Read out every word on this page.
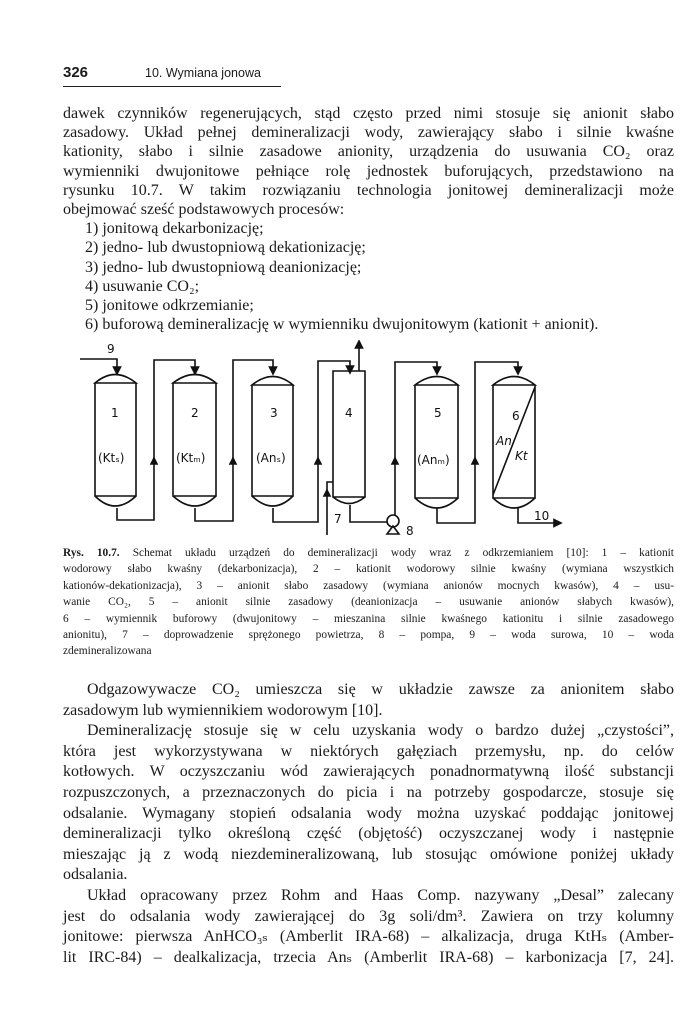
326	10. Wymiana jonowa
dawek czynników regenerujących, stąd często przed nimi stosuje się anionit słabo
zasadowy. Układ pełnej demineralizacji wody, zawierający słabo i silnie kwaśne
kationity, słabo i silnie zasadowe anionity, urządzenia do usuwania CO₂ oraz
wymienniki dwujonitowe pełniące rolę jednostek buforujących, przedstawiono na
rysunku 10.7. W takim rozwiązaniu technologia jonitowej demineralizacji może
obejmować sześć podstawowych procesów:
1) jonitową dekarbonizację;
2) jedno- lub dwustopniową dekationizację;
3) jedno- lub dwustopniową deanionizację;
4) usuwanie CO₂;
5) jonitowe odkrzemianie;
6) buforową demineralizację w wymienniku dwujonitowym (kationit + anionit).
1
(Ktₛ)
2
(Ktₘ)
3
(Anₛ)
4	5
(Anₘ)
6
An
Kt
7
8
9
10
Rys. 10.7. Schemat układu urządzeń do demineralizacji wody wraz z odkrzemianiem [10]: 1 – kationit
wodorowy słabo kwaśny (dekarbonizacja), 2 – kationit wodorowy silnie kwaśny (wymiana wszystkich
kationów-dekationizacja), 3 – anionit słabo zasadowy (wymiana anionów mocnych kwasów), 4 – usu-
wanie CO₂, 5 – anionit silnie zasadowy (deanionizacja – usuwanie anionów słabych kwasów),
6 – wymiennik buforowy (dwujonitowy – mieszanina silnie kwaśnego kationitu i silnie zasadowego
anionitu), 7 – doprowadzenie sprężonego powietrza, 8 – pompa, 9 – woda surowa, 10 – woda
zdemineralizowana
Odgazowywacze CO₂ umieszcza się w układzie zawsze za anionitem słabo
zasadowym lub wymiennikiem wodorowym [10].
Demineralizację stosuje się w celu uzyskania wody o bardzo dużej „czystości”,
która jest wykorzystywana w niektórych gałęziach przemysłu, np. do celów
kotłowych. W oczyszczaniu wód zawierających ponadnormatywną ilość substancji
rozpuszczonych, a przeznaczonych do picia i na potrzeby gospodarcze, stosuje się
odsalanie. Wymagany stopień odsalania wody można uzyskać poddając jonitowej
demineralizacji tylko określoną część (objętość) oczyszczanej wody i następnie
mieszając ją z wodą niezdemineralizowaną, lub stosując omówione poniżej układy
odsalania.
Układ opracowany przez Rohm and Haas Comp. nazywany „Desal” zalecany
jest do odsalania wody zawierającej do 3g soli/dm³. Zawiera on trzy kolumny
jonitowe: pierwsza AnHCO₃ₛ (Amberlit IRA-68) – alkalizacja, druga KtHₛ (Amber-
lit IRC-84) – dealkalizacja, trzecia Anₛ (Amberlit IRA-68) – karbonizacja [7, 24].
